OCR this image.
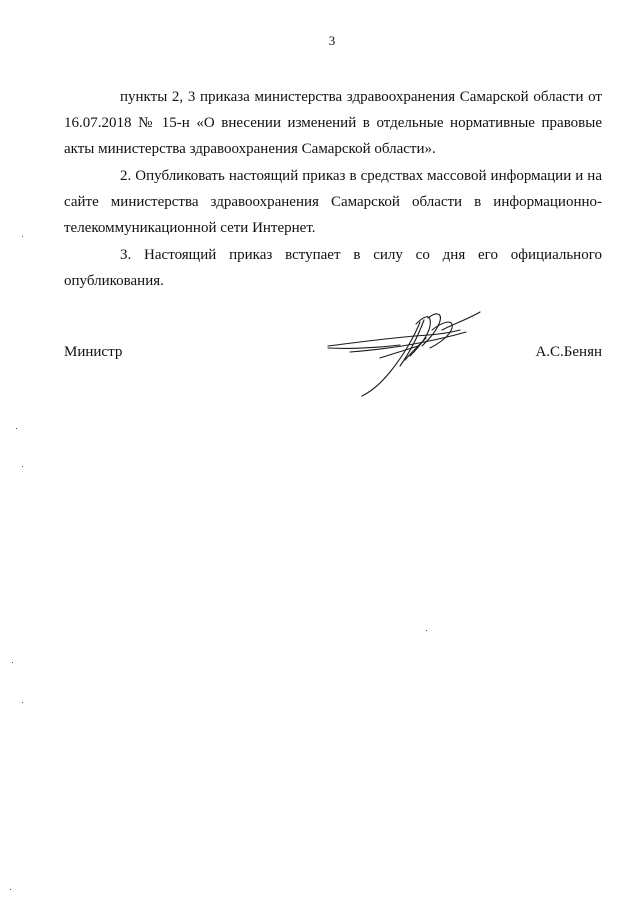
3

пункты 2, 3 приказа министерства здравоохранения Самарской области от 16.07.2018 № 15-н «О внесении изменений в отдельные нормативные правовые акты министерства здравоохранения Самарской области».

2. Опубликовать настоящий приказ в средствах массовой информации и на сайте министерства здравоохранения Самарской области в информационно-телекоммуникационной сети Интернет.

3. Настоящий приказ вступает в силу со дня его официального опубликования.

Министр	А.С.Бенян
